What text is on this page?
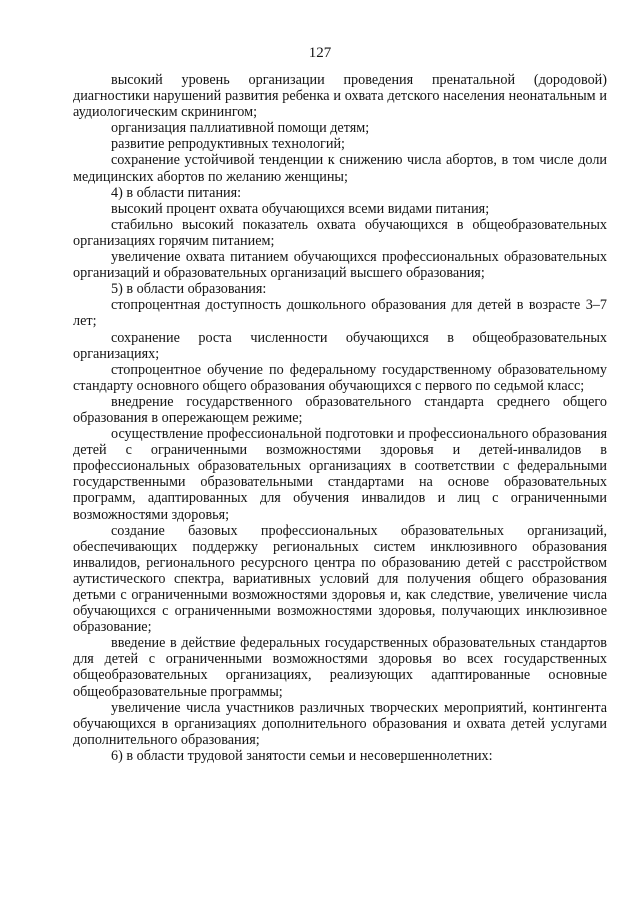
127

высокий уровень организации проведения пренатальной (дородовой) диагностики нарушений развития ребенка и охвата детского населения неонатальным и аудиологическим скринингом;

организация паллиативной помощи детям;

развитие репродуктивных технологий;

сохранение устойчивой тенденции к снижению числа абортов, в том числе доли медицинских абортов по желанию женщины;

4) в области питания:

высокий процент охвата обучающихся всеми видами питания;

стабильно высокий показатель охвата обучающихся в общеобразовательных организациях горячим питанием;

увеличение охвата питанием обучающихся профессиональных образовательных организаций и образовательных организаций высшего образования;

5) в области образования:

стопроцентная доступность дошкольного образования для детей в возрасте 3–7 лет;

сохранение роста численности обучающихся в общеобразовательных организациях;

стопроцентное обучение по федеральному государственному образовательному стандарту основного общего образования обучающихся с первого по седьмой класс;

внедрение государственного образовательного стандарта среднего общего образования в опережающем режиме;

осуществление профессиональной подготовки и профессионального образования детей с ограниченными возможностями здоровья и детей-инвалидов в профессиональных образовательных организациях в соответствии с федеральными государственными образовательными стандартами на основе образовательных программ, адаптированных для обучения инвалидов и лиц с ограниченными возможностями здоровья;

создание базовых профессиональных образовательных организаций, обеспечивающих поддержку региональных систем инклюзивного образования инвалидов, регионального ресурсного центра по образованию детей с расстройством аутистического спектра, вариативных условий для получения общего образования детьми с ограниченными возможностями здоровья и, как следствие, увеличение числа обучающихся с ограниченными возможностями здоровья, получающих инклюзивное образование;

введение в действие федеральных государственных образовательных стандартов для детей с ограниченными возможностями здоровья во всех государственных общеобразовательных организациях, реализующих адаптированные основные общеобразовательные программы;

увеличение числа участников различных творческих мероприятий, контингента обучающихся в организациях дополнительного образования и охвата детей услугами дополнительного образования;

6) в области трудовой занятости семьи и несовершеннолетних:
